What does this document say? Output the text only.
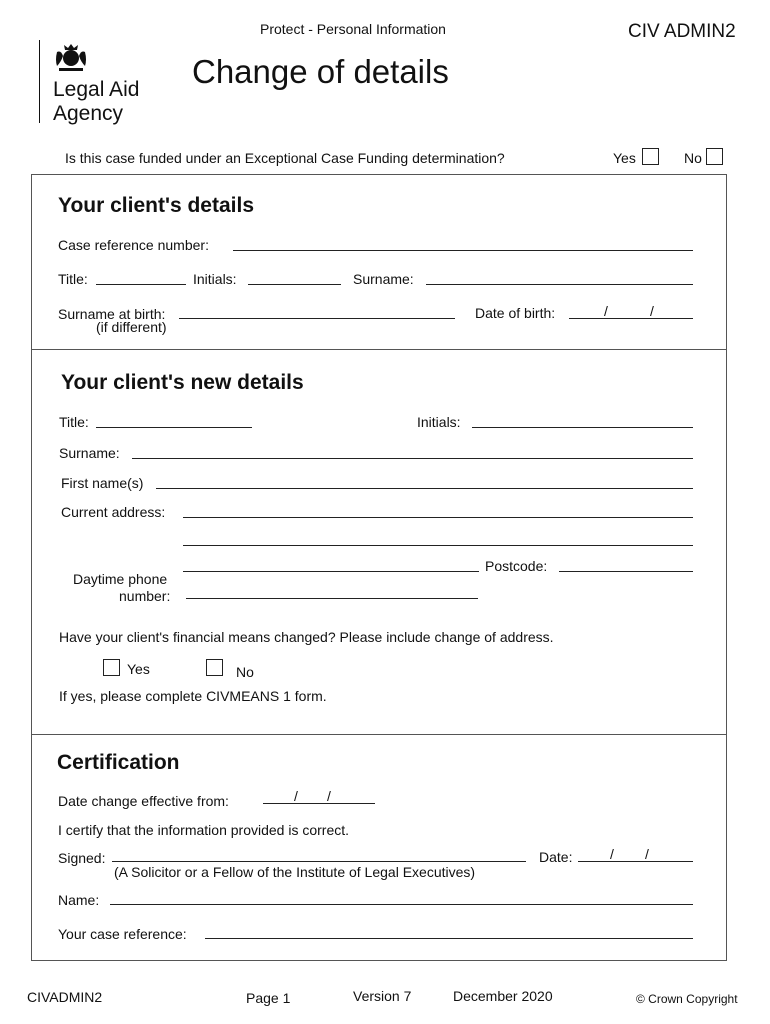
Protect - Personal Information	CIV ADMIN2
Legal Aid
Agency
Change of details
Is this case funded under an Exceptional Case Funding determination?	Yes	No
Your client's details
Case reference number:
Title:	Initials:	Surname:
Surname at birth:
(if different)
Date of birth:	/	/
Your client's new details
Title:	Initials:
Surname:
First name(s)
Current address:
Postcode:
Daytime phone
number:
Have your client's financial means changed? Please include change of address.
Yes	No
If yes, please complete CIVMEANS 1 form.
Certification
Date change effective from:	/ /
I certify that the information provided is correct.
Signed:
(A Solicitor or a Fellow of the Institute of Legal Executives)
Date:	/ /
Name:
Your case reference:
CIVADMIN2	Page 1	Version 7	December 2020	© Crown Copyright
